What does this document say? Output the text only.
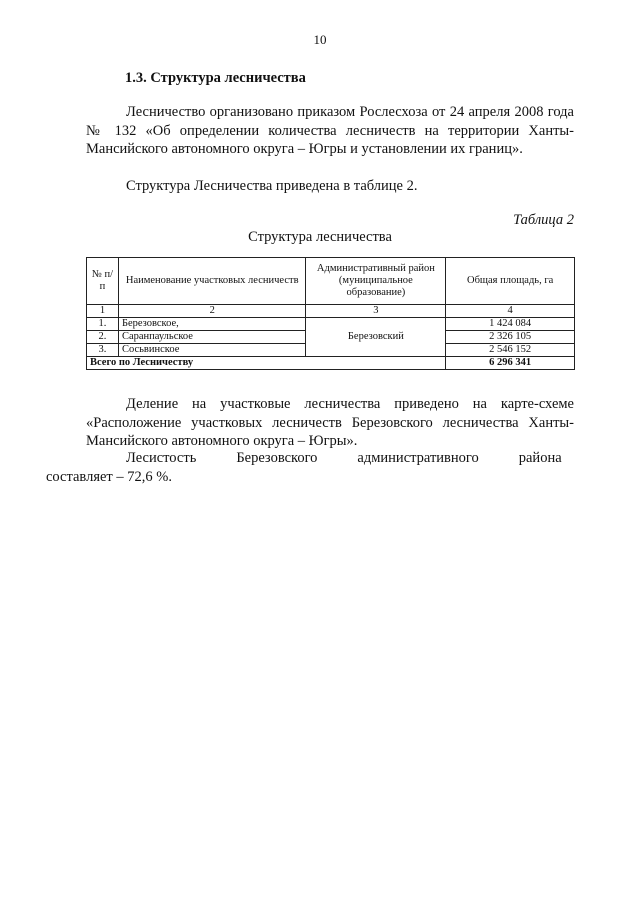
10
1.3. Структура лесничества
Лесничество организовано приказом Рослесхоза от 24 апреля 2008 года № 132 «Об определении количества лесничеств на территории Ханты-Мансийского автономного округа – Югры и установлении их границ».
Структура Лесничества приведена в таблице 2.
Таблица 2
Структура лесничества
№ п/п	Наименование участковых лесничеств	Административный район (муниципальное образование)	Общая площадь, га
1	2	3	4
1.	Березовское,	Березовский	1 424 084
2.	Саранпаульское		2 326 105
3.	Сосьвинское		2 546 152
Всего по Лесничеству			6 296 341
Деление на участковые лесничества приведено на карте-схеме «Расположение участковых лесничеств Березовского лесничества Ханты-Мансийского автономного округа – Югры».
Лесистость	Березовского	административного	района
составляет – 72,6 %.
